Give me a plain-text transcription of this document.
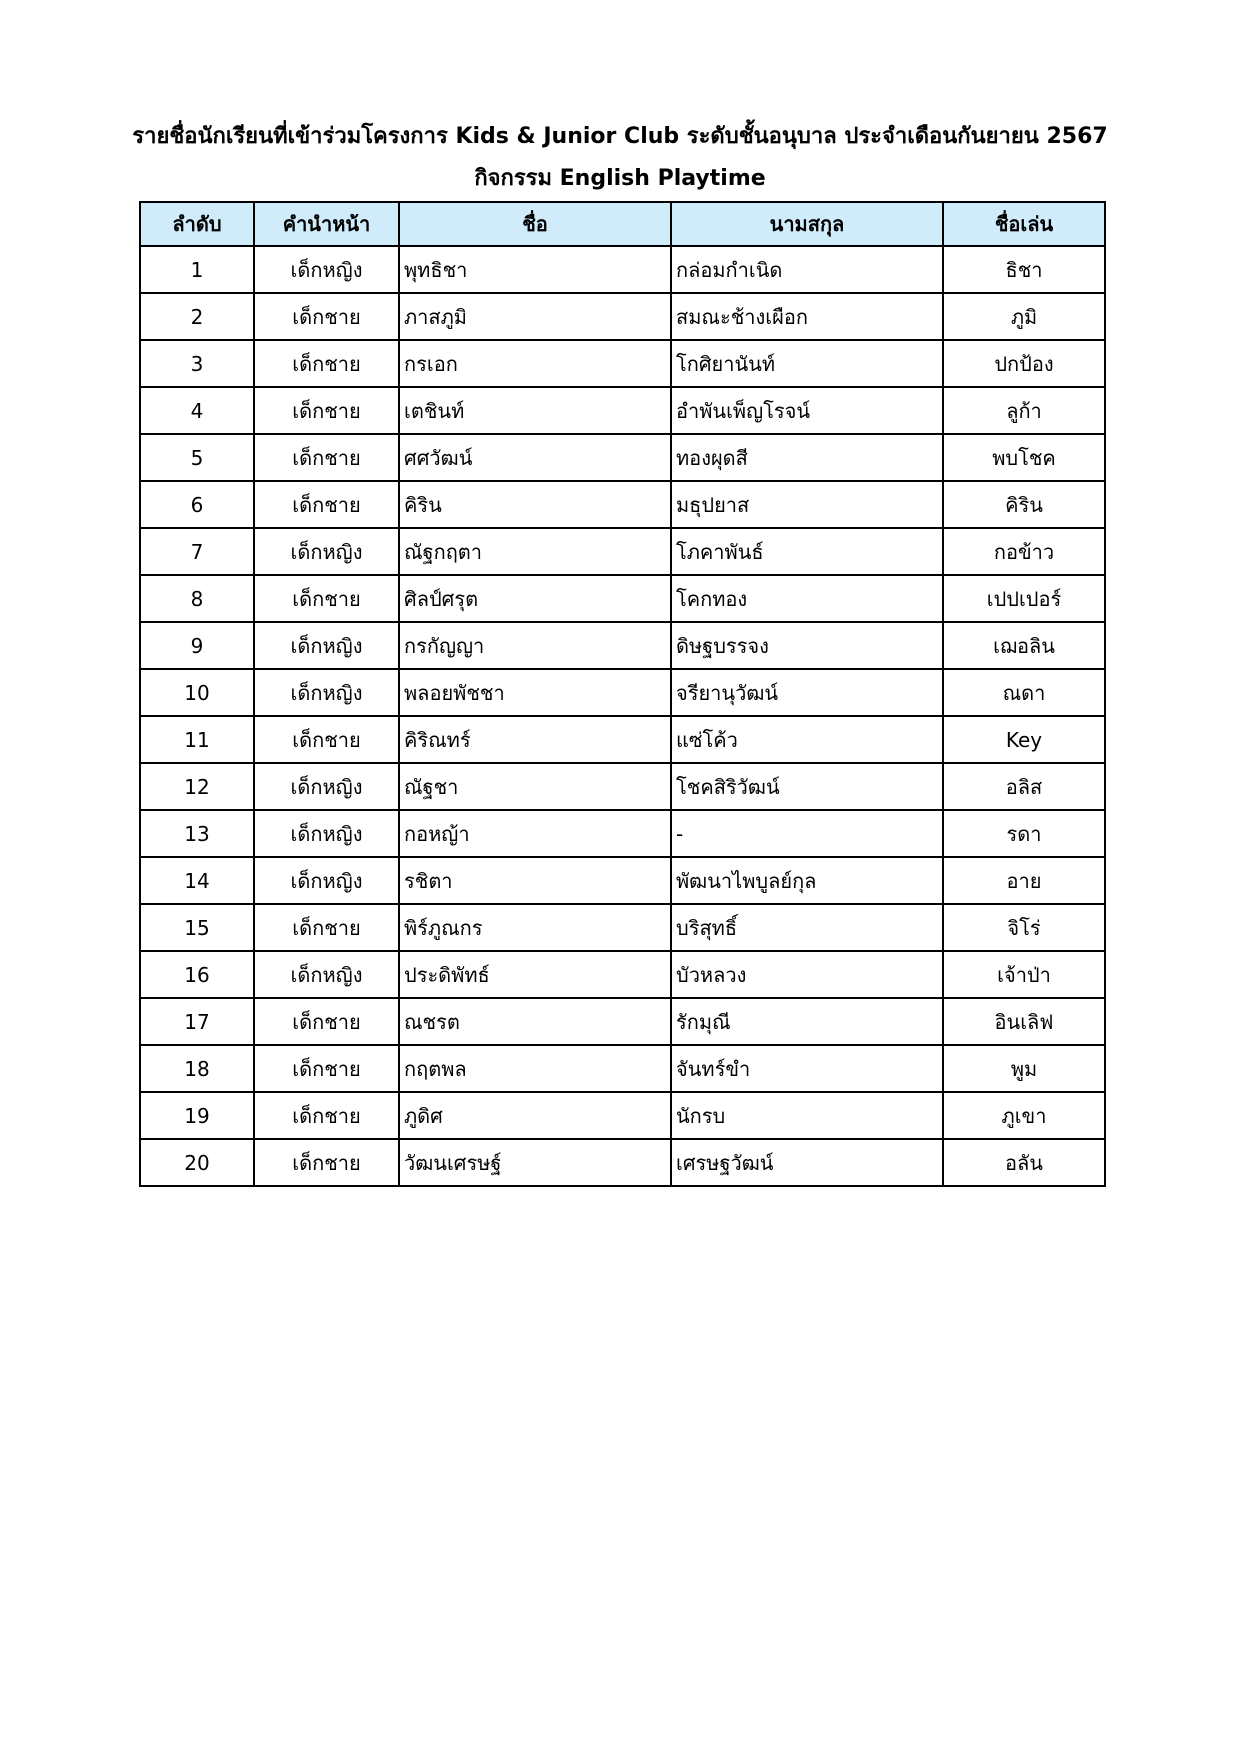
รายชื่อนักเรียนที่เข้าร่วมโครงการ Kids & Junior Club ระดับชั้นอนุบาล ประจำเดือนกันยายน 2567
กิจกรรม English Playtime
ลำดับ	คำนำหน้า	ชื่อ	นามสกุล	ชื่อเล่น
1	เด็กหญิง	พุทธิชา	กล่อมกำเนิด	ธิชา
2	เด็กชาย	ภาสภูมิ	สมณะช้างเผือก	ภูมิ
3	เด็กชาย	กรเอก	โกศิยานันท์	ปกป้อง
4	เด็กชาย	เตชินท์	อำพันเพ็ญโรจน์	ลูก้า
5	เด็กชาย	ศศวัฒน์	ทองผุดสี	พบโชค
6	เด็กชาย	คิริน	มธุปยาส	คิริน
7	เด็กหญิง	ณัฐกฤตา	โภคาพันธ์	กอข้าว
8	เด็กชาย	ศิลป์ศรุต	โคกทอง	เปปเปอร์
9	เด็กหญิง	กรกัญญา	ดิษฐบรรจง	เฌอลิน
10	เด็กหญิง	พลอยพัชชา	จรียานุวัฒน์	ณดา
11	เด็กชาย	คิริณทร์	แซ่โค้ว	Key
12	เด็กหญิง	ณัฐชา	โชคสิริวัฒน์	อลิส
13	เด็กหญิง	กอหญ้า	-	รดา
14	เด็กหญิง	รชิตา	พัฒนาไพบูลย์กุล	อาย
15	เด็กชาย	พิร์ภูณกร	บริสุทธิ์	จิโร่
16	เด็กหญิง	ประดิพัทธ์	บัวหลวง	เจ้าป่า
17	เด็กชาย	ณชรต	รักมุณี	อินเลิฟ
18	เด็กชาย	กฤตพล	จันทร์ขำ	พูม
19	เด็กชาย	ภูดิศ	นักรบ	ภูเขา
20	เด็กชาย	วัฒนเศรษฐ์	เศรษฐวัฒน์	อลัน
